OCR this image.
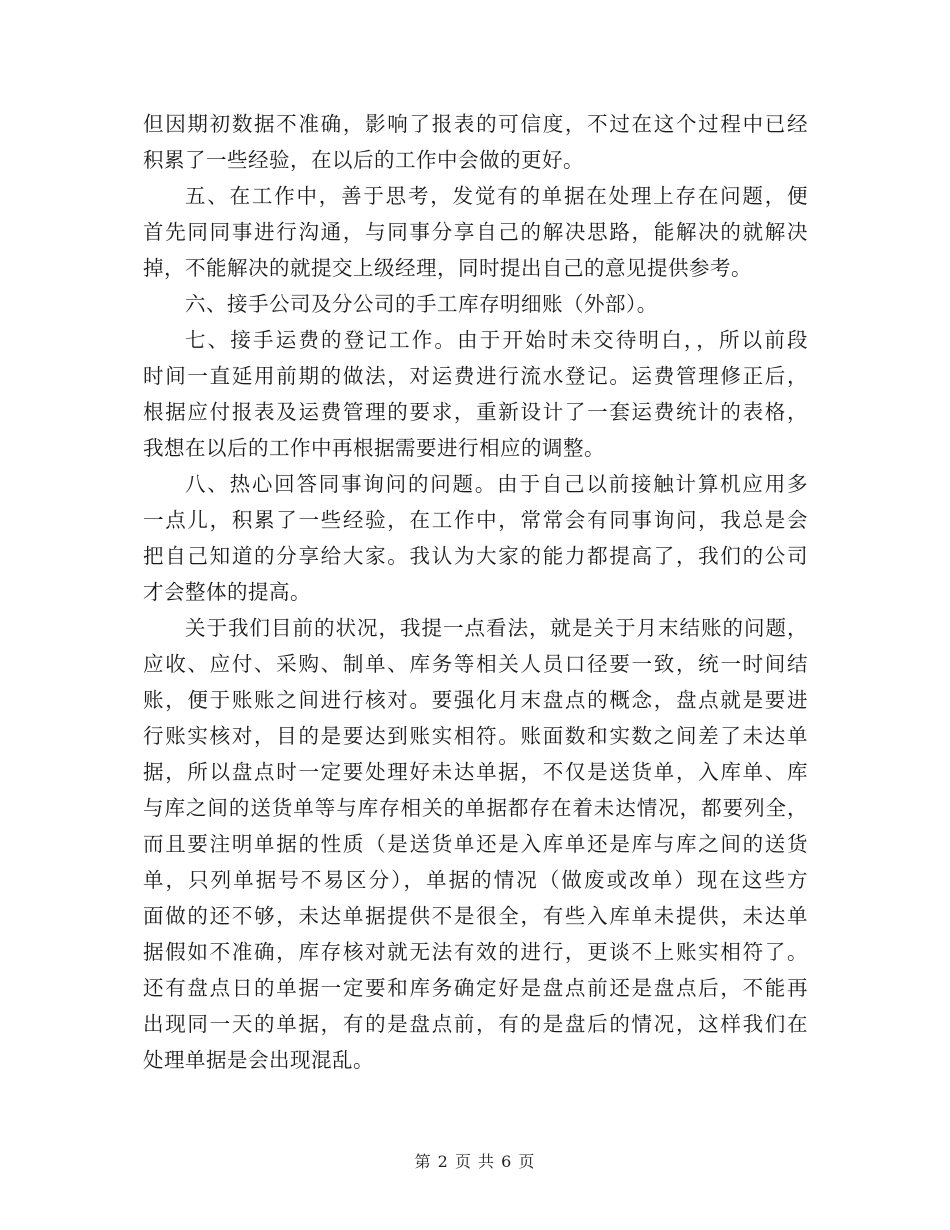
但因期初数据不准确，影响了报表的可信度，不过在这个过程中已经
积累了一些经验，在以后的工作中会做的更好。
五、在工作中，善于思考，发觉有的单据在处理上存在问题，便
首先同同事进行沟通，与同事分享自己的解决思路，能解决的就解决
掉，不能解决的就提交上级经理，同时提出自己的意见提供参考。
六、接手公司及分公司的手工库存明细账（外部）。
七、接手运费的登记工作。由于开始时未交待明白，，所以前段
时间一直延用前期的做法，对运费进行流水登记。运费管理修正后，
根据应付报表及运费管理的要求，重新设计了一套运费统计的表格，
我想在以后的工作中再根据需要进行相应的调整。
八、热心回答同事询问的问题。由于自己以前接触计算机应用多
一点儿，积累了一些经验，在工作中，常常会有同事询问，我总是会
把自己知道的分享给大家。我认为大家的能力都提高了，我们的公司
才会整体的提高。
关于我们目前的状况，我提一点看法，就是关于月末结账的问题，
应收、应付、采购、制单、库务等相关人员口径要一致，统一时间结
账，便于账账之间进行核对。要强化月末盘点的概念，盘点就是要进
行账实核对，目的是要达到账实相符。账面数和实数之间差了未达单
据，所以盘点时一定要处理好未达单据，不仅是送货单，入库单、库
与库之间的送货单等与库存相关的单据都存在着未达情况，都要列全，
而且要注明单据的性质（是送货单还是入库单还是库与库之间的送货
单，只列单据号不易区分），单据的情况（做废或改单）现在这些方
面做的还不够，未达单据提供不是很全，有些入库单未提供，未达单
据假如不准确，库存核对就无法有效的进行，更谈不上账实相符了。
还有盘点日的单据一定要和库务确定好是盘点前还是盘点后，不能再
出现同一天的单据，有的是盘点前，有的是盘后的情况，这样我们在
处理单据是会出现混乱。
第 2 页 共 6 页
